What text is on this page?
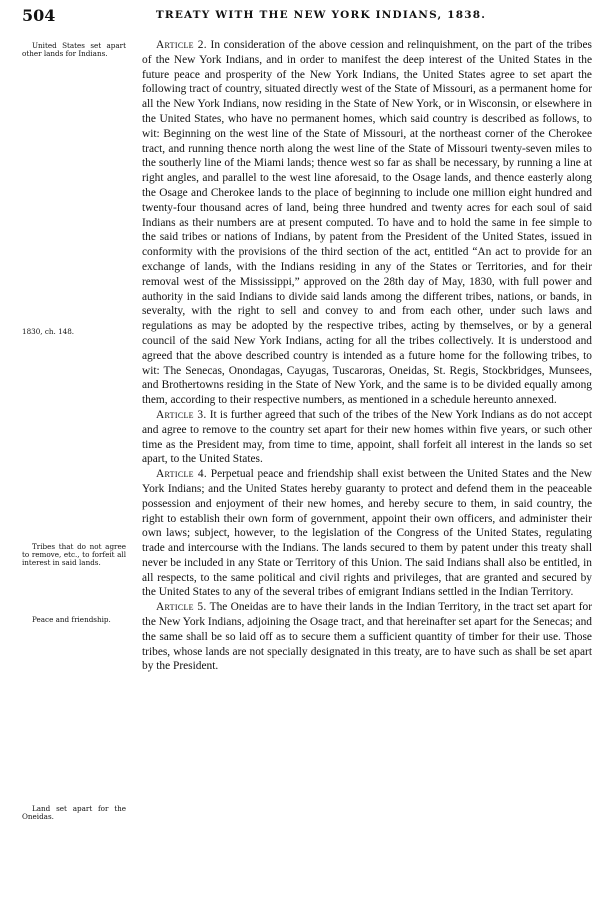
504	TREATY WITH THE NEW YORK INDIANS, 1838.
United States set apart other lands for Indians.
1830, ch. 148.
Tribes that do not agree to remove, etc., to forfeit all interest in said lands.
Peace and friendship.
Land set apart for the Oneidas.

Article 2. In consideration of the above cession and relinquishment, on the part of the tribes of the New York Indians, and in order to manifest the deep interest of the United States in the future peace and prosperity of the New York Indians, the United States agree to set apart the following tract of country, situated directly west of the State of Missouri, as a permanent home for all the New York Indians, now residing in the State of New York, or in Wisconsin, or elsewhere in the United States, who have no permanent homes, which said country is described as follows, to wit: Beginning on the west line of the State of Missouri, at the northeast corner of the Cherokee tract, and running thence north along the west line of the State of Missouri twenty-seven miles to the southerly line of the Miami lands; thence west so far as shall be necessary, by running a line at right angles, and parallel to the west line aforesaid, to the Osage lands, and thence easterly along the Osage and Cherokee lands to the place of beginning to include one million eight hundred and twenty-four thousand acres of land, being three hundred and twenty acres for each soul of said Indians as their numbers are at present computed. To have and to hold the same in fee simple to the said tribes or nations of Indians, by patent from the President of the United States, issued in conformity with the provisions of the third section of the act, entitled “An act to provide for an exchange of lands, with the Indians residing in any of the States or Territories, and for their removal west of the Mississippi,” approved on the 28th day of May, 1830, with full power and authority in the said Indians to divide said lands among the different tribes, nations, or bands, in severalty, with the right to sell and convey to and from each other, under such laws and regulations as may be adopted by the respective tribes, acting by themselves, or by a general council of the said New York Indians, acting for all the tribes collectively. It is understood and agreed that the above described country is intended as a future home for the following tribes, to wit: The Senecas, Onondagas, Cayugas, Tuscaroras, Oneidas, St. Regis, Stockbridges, Munsees, and Brothertowns residing in the State of New York, and the same is to be divided equally among them, according to their respective numbers, as mentioned in a schedule hereunto annexed.

Article 3. It is further agreed that such of the tribes of the New York Indians as do not accept and agree to remove to the country set apart for their new homes within five years, or such other time as the President may, from time to time, appoint, shall forfeit all interest in the lands so set apart, to the United States.

Article 4. Perpetual peace and friendship shall exist between the United States and the New York Indians; and the United States hereby guaranty to protect and defend them in the peaceable possession and enjoyment of their new homes, and hereby secure to them, in said country, the right to establish their own form of government, appoint their own officers, and administer their own laws; subject, however, to the legislation of the Congress of the United States, regulating trade and intercourse with the Indians. The lands secured to them by patent under this treaty shall never be included in any State or Territory of this Union. The said Indians shall also be entitled, in all respects, to the same political and civil rights and privileges, that are granted and secured by the United States to any of the several tribes of emigrant Indians settled in the Indian Territory.

Article 5. The Oneidas are to have their lands in the Indian Territory, in the tract set apart for the New York Indians, adjoining the Osage tract, and that hereinafter set apart for the Senecas; and the same shall be so laid off as to secure them a sufficient quantity of timber for their use. Those tribes, whose lands are not specially designated in this treaty, are to have such as shall be set apart by the President.
